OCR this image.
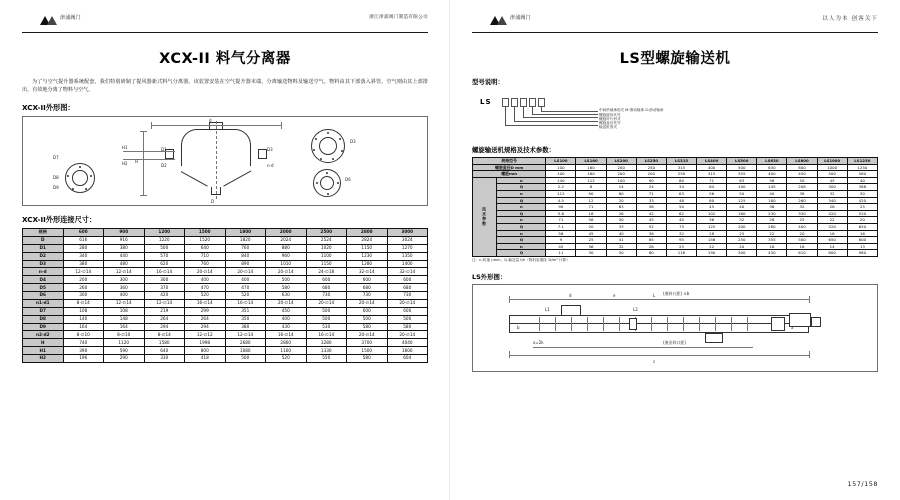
津浦阀门	浙江津浦阀门制造有限公司
XCX-II 料气分离器
为了与空气提升器系统配套，我们特别研制了提风器新式料气分离器。该装置安装在空气提升器末端，分离输送物料及输送空气。物料由其下部落入斜管，空气则由其上部排出，有效地分离了物料与空气。
XCX-II外形图：
d
H
H1
H2
D
D1
D2
D3
n-d
D3
D6
D7
D8
D9
XCX-II外形连接尺寸：
规格	600	900	1200	1500	1800	2000	2500	2800	3000
D	616	916	1220	1520	1820	2024	2524	2824	3024
D1	280	380	500	640	760	880	1020	1150	1270
D2	340	440	570	710	840	960	1100	1230	1350
D3	380	480	620	760	890	1010	1150	1280	1400
n-d	12-∅14	12-∅14	16-∅14	20-∅14	20-∅14	20-∅14	24-∅18	32-∅14	32-∅14
D4	200	300	300	400	400	500	600	600	600
D5	260	360	370	470	470	580	680	680	680
D6	300	400	420	520	520	630	730	730	730
n1-d1	8-∅14	12-∅14	12-∅14	16-∅14	16-∅14	20-∅14	20-∅14	20-∅14	20-∅14
D7	108	108	219	299	351	450	500	600	600
D8	140	148	264	264	350	400	500	500	500
D9	164	164	294	294	380	430	530	580	580
n2-d2	8-∅10	8-∅10	8-∅14	12-∅12	12-∅14	16-∅14	16-∅14	20-∅14	20-∅14
H	740	1120	1580	1998	2680	2860	3280	3700	4040
H1	390	590	640	800	1080	1160	1330	1500	1600
H2	196	290	330	418	500	520	550	580	604
津浦阀门	以人为本 创客关下
LS型螺旋输送机
型号说明：
LS
中间吊轴承形式 M:滑动轴承 G:滚动轴承
螺旋旋向代号
螺旋叶片形式
螺旋直径代号
输送机形式
螺旋输送机规格及技术参数：
规格型号		LS100	LS160	LS200	LS250	LS315	LS400	LS500	LS630	LS800	LS1000	LS1250
螺旋直径D mm		100	160	200	250	315	400	500	630	800	1000	1250
螺距mm		100	160	200	200	250	315	355	400	450	500	560
技术参数	n	140	112	100	90	80	71	63	56	50	45	40
	Q	2.2	8	14	24	34	64	100	145	208	300	388
	n	112	90	80	71	63	56	50	40	38	32	30
	Q	4.5	12	20	33	48	80	125	180	260	340	420
	n	90	71	63	56	50	45	40	36	32	28	25
	Q	5.6	16	26	42	62	102	160	230	330	420	520
	n	71	56	50	45	40	36	32	28	25	22	20
	Q	7.1	20	33	52	75	125	200	280	400	520	650
	n	56	45	40	36	32	28	25	22	20	18	16
	Q	9	25	41	65	95	156	250	355	500	650	800
	n	45	36	32	28	25	22	20	18	16	14	13
	Q	11	30	50	80	118	190	300	430	610	800	980
注：n-转速 r/min；Q-输送量 t/h（物料容重按 1t/m³ 计算）
LS外形图：
L
d	e
L1	L2
x=2k	(進出料口距)
(進料口距) ×b
b	a
c
157/158
